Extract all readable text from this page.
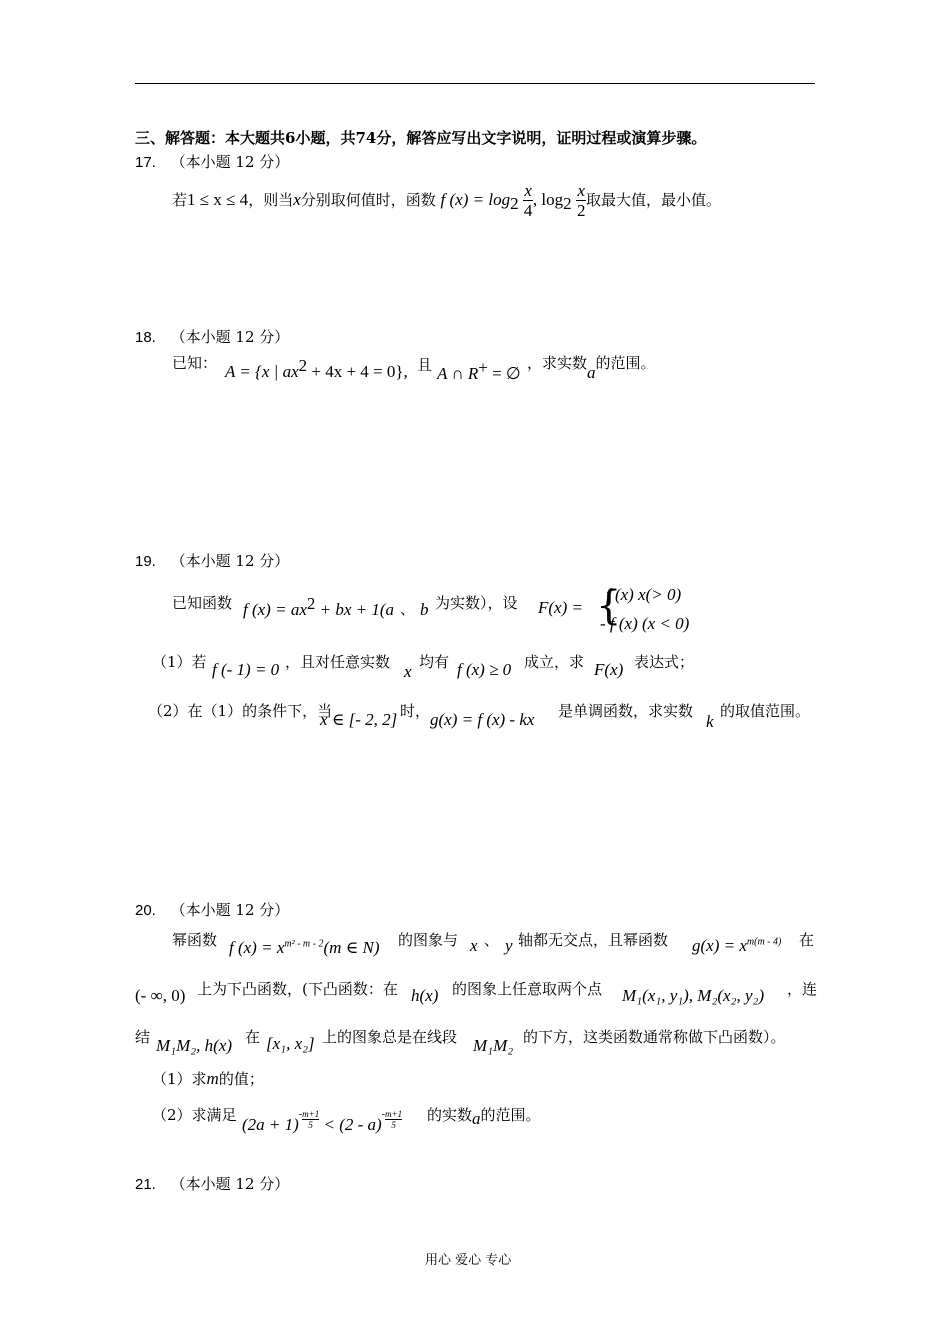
三、解答题：本大题共6小题，共74分，解答应写出文字说明，证明过程或演算步骤。
17. （本小题 12 分）
若1 ≤ x ≤ 4，则当x分别取何值时，函数 f $(x) = \log_2 \frac{x}{4}$ , $\log_2 \frac{x}{2}$ 取最大值，最小值。
18. （本小题 12 分）
已知： A = {x | $ax^2 + 4x + 4 = 0$}, 且 A ∩ R+ = ∅
，求实数a的范围。
19. （本小题 12 分）
已知函数 f $(x) = ax^2$ + bx + 1(a 、 b 为实数），设 F(x) = {
f (x) x(> 0)
- f (x) (x < 0)
（1）若 f (- 1) = 0 ，且对任意实数 x 均有 f (x) ≥ 0 成立，求 F(x) 表达式；
（2）在（1）的条件下，当
x ∈ [- 2, 2] 时， g(x) = f (x) - kx 是单调函数，求实数
k
的取值范围。
20. （本小题 12 分）
幂函数 f $(x) = x^{m^2 - m - 2}(m$ ∈ N) 的图象与 x 、 y 轴都无交点，且幂函数 $g(x) = x^{m(m - 4)}$ 在
(- ∞, 0) 上为下凸函数，(下凸函数：在 h(x) 的图象上任意取两个点 M₁(x₁, y₁), M₂(x₂, y₂) ，连
结 M₁M₂, h(x) 在 [x₁, x₂] 上的图象总是在线段 M₁M₂ 的下方，这类函数通常称做下凸函数）。
（1）求m的值；
（2）求满足 $(2a + 1)^- \frac{m+1}{5} < (2 - a)^- \frac{m+1}{5}$ 的实数a的范围。
21. （本小题 12 分）
用心 爱心 专心
